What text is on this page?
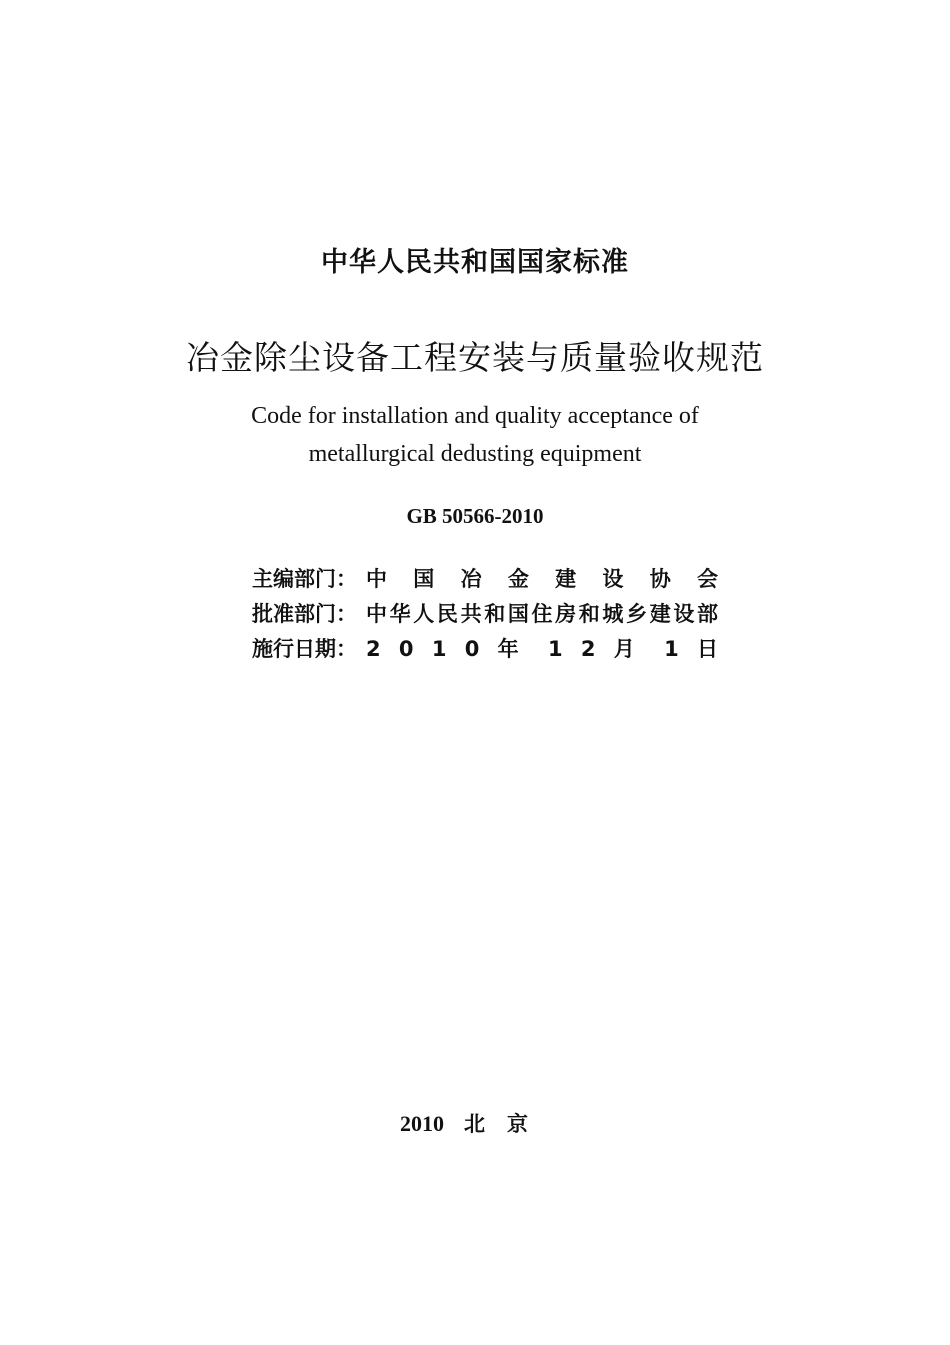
中华人民共和国国家标准
冶金除尘设备工程安装与质量验收规范
Code for installation and quality acceptance of
metallurgical dedusting equipment
GB 50566-2010
主编部门： 中 国 冶 金 建 设 协 会
批准部门： 中华人民共和国住房和城乡建设部
施行日期： 2 0 1 0 年 1 2 月 1 日
2010 北京
